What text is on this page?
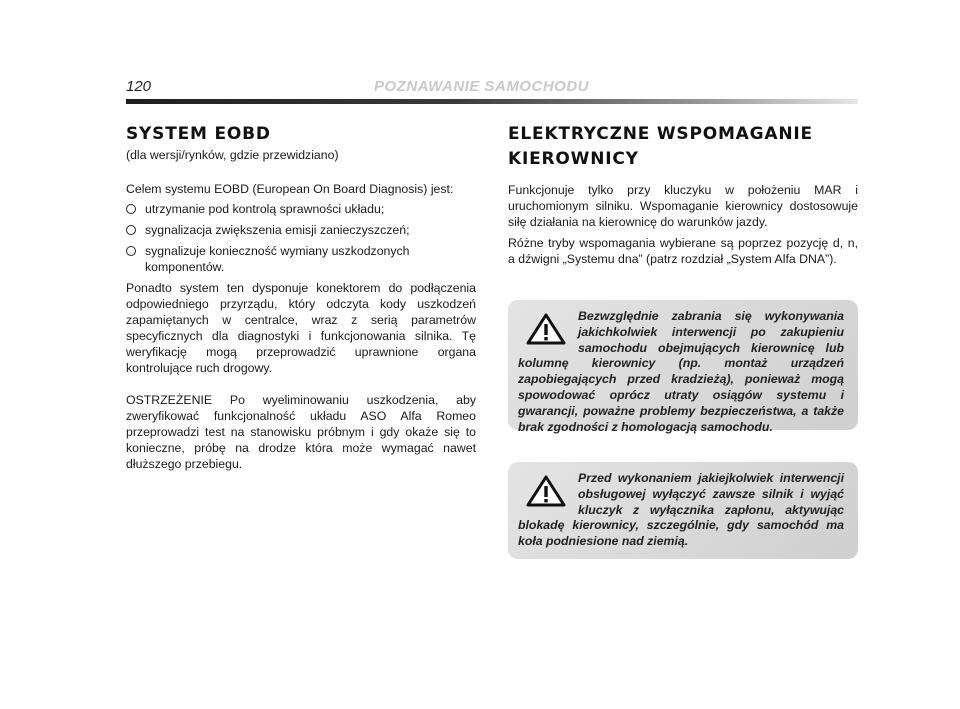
120	POZNAWANIE SAMOCHODU
SYSTEM EOBD
(dla wersji/rynków, gdzie przewidziano)

Celem systemu EOBD (European On Board Diagnosis) jest:

utrzymanie pod kontrolą sprawności układu;
sygnalizacja zwiększenia emisji zanieczyszczeń;
sygnalizuje konieczność wymiany uszkodzonych komponentów.

Ponadto system ten dysponuje konektorem do podłączenia odpowiedniego przyrządu, który odczyta kody uszkodzeń zapamiętanych w centralce, wraz z serią parametrów specyficznych dla diagnostyki i funkcjonowania silnika. Tę weryfikację mogą przeprowadzić uprawnione organa kontrolujące ruch drogowy.

OSTRZEŻENIE Po wyeliminowaniu uszkodzenia, aby zweryfikować funkcjonalność układu ASO Alfa Romeo przeprowadzi test na stanowisku próbnym i gdy okaże się to konieczne, próbę na drodze która może wymagać nawet dłuższego przebiegu.

ELEKTRYCZNE WSPOMAGANIE
KIEROWNICY

Funkcjonuje tylko przy kluczyku w położeniu MAR i uruchomionym silniku. Wspomaganie kierownicy dostosowuje siłę działania na kierownicę do warunków jazdy.

Różne tryby wspomagania wybierane są poprzez pozycję d, n, a dźwigni „Systemu dna” (patrz rozdział „System Alfa DNA”).

Bezwzględnie zabrania się wykonywania jakichkolwiek interwencji po zakupieniu samochodu obejmujących kierownicę lub kolumnę kierownicy (np. montaż urządzeń zapobiegających przed kradzieżą), ponieważ mogą spowodować oprócz utraty osiągów systemu i gwarancji, poważne problemy bezpieczeństwa, a także brak zgodności z homologacją samochodu.
Przed wykonaniem jakiejkolwiek interwencji obsługowej wyłączyć zawsze silnik i wyjąć kluczyk z wyłącznika zapłonu, aktywując blokadę kierownicy, szczególnie, gdy samochód ma koła podniesione nad ziemią.
